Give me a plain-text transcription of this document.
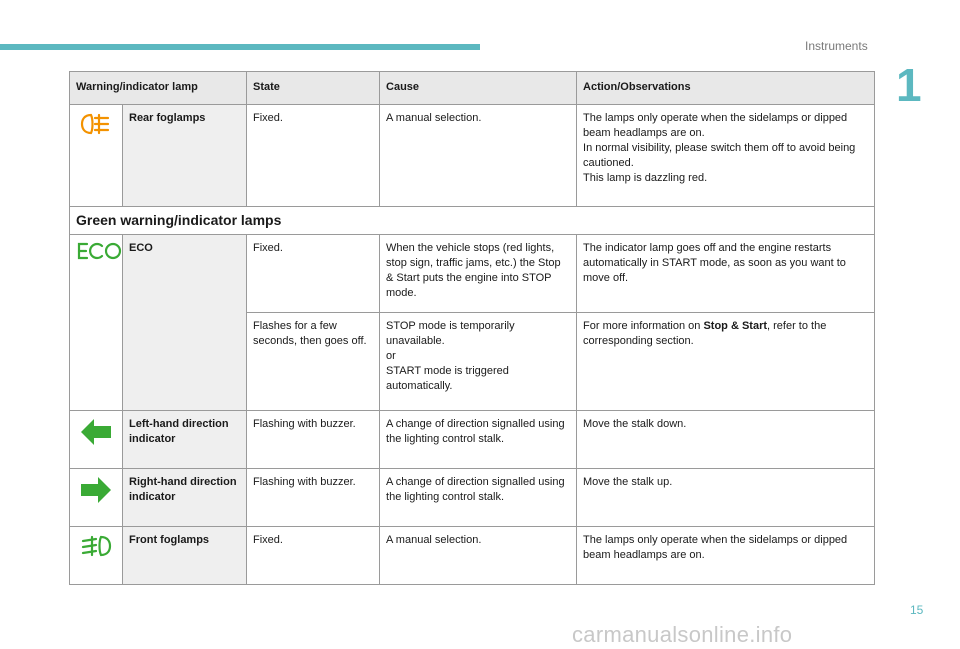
Instruments
1
Warning/indicator lamp		State	Cause	Action/Observations
	Rear foglamps	Fixed.	A manual selection.	The lamps only operate when the sidelamps or dipped beam headlamps are on.
In normal visibility, please switch them off to avoid being cautioned.
This lamp is dazzling red.
Green warning/indicator lamps				
	ECO	Fixed.	When the vehicle stops (red lights, stop sign, traffic jams, etc.) the Stop & Start puts the engine into STOP mode.	The indicator lamp goes off and the engine restarts automatically in START mode, as soon as you want to move off.
		Flashes for a few seconds, then goes off.	STOP mode is temporarily unavailable.
or
START mode is triggered automatically.	For more information on Stop & Start, refer to the corresponding section.
	Left-hand direction indicator	Flashing with buzzer.	A change of direction signalled using the lighting control stalk.	Move the stalk down.
	Right-hand direction indicator	Flashing with buzzer.	A change of direction signalled using the lighting control stalk.	Move the stalk up.
	Front foglamps	Fixed.	A manual selection.	The lamps only operate when the sidelamps or dipped beam headlamps are on.
15
carmanualsonline.info
